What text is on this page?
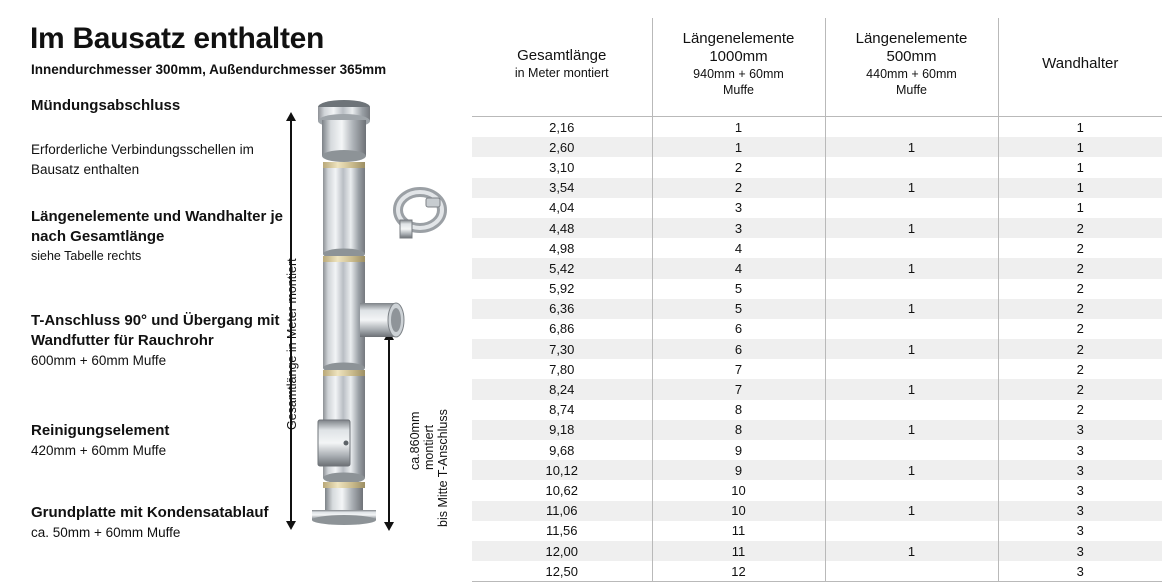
Im Bausatz enthalten
Innendurchmesser 300mm, Außendurchmesser 365mm
Mündungsabschluss
Erforderliche Verbindungsschellen im Bausatz enthalten
Längenelemente und Wandhalter je nach Gesamtlänge
siehe Tabelle rechts
T-Anschluss 90° und Übergang mit Wandfutter für Rauchrohr
600mm + 60mm Muffe
Reinigungselement
420mm + 60mm Muffe
Grundplatte mit Kondensatablauf
ca. 50mm + 60mm Muffe
Gesamtlänge in Meter montiert
ca.860mm montiert bis Mitte T-Anschluss
Gesamtlänge
in Meter montiert

Längenelemente
1000mm
940mm + 60mm
Muffe

Längenelemente
500mm
440mm + 60mm
Muffe

Wandhalter

2,16	1		1
2,60	1	1	1
3,10	2		1
3,54	2	1	1
4,04	3		1
4,48	3	1	2
4,98	4		2
5,42	4	1	2
5,92	5		2
6,36	5	1	2
6,86	6		2
7,30	6	1	2
7,80	7		2
8,24	7	1	2
8,74	8		2
9,18	8	1	3
9,68	9		3
10,12	9	1	3
10,62	10		3
11,06	10	1	3
11,56	11		3
12,00	11	1	3
12,50	12		3
